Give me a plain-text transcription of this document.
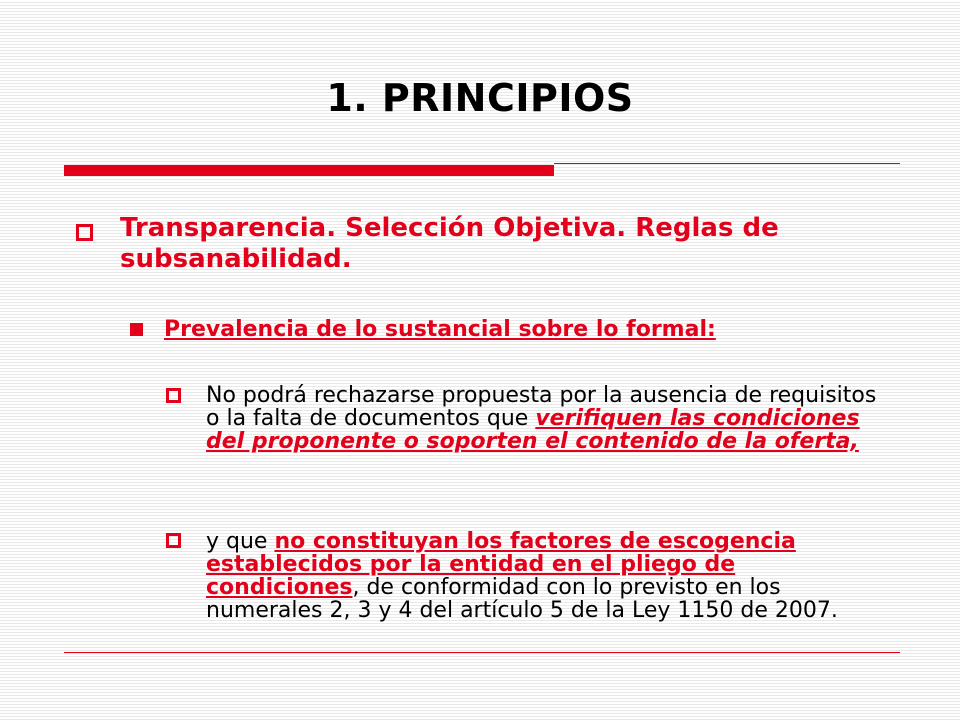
1. PRINCIPIOS
Transparencia. Selección Objetiva. Reglas de subsanabilidad.
Prevalencia de lo sustancial sobre lo formal:
No podrá rechazarse propuesta por la ausencia de requisitos o la falta de documentos que verifiquen las condiciones del proponente o soporten el contenido de la oferta,
y que no constituyan los factores de escogencia establecidos por la entidad en el pliego de condiciones, de conformidad con lo previsto en los numerales 2, 3 y 4 del artículo 5 de la Ley 1150 de 2007.
